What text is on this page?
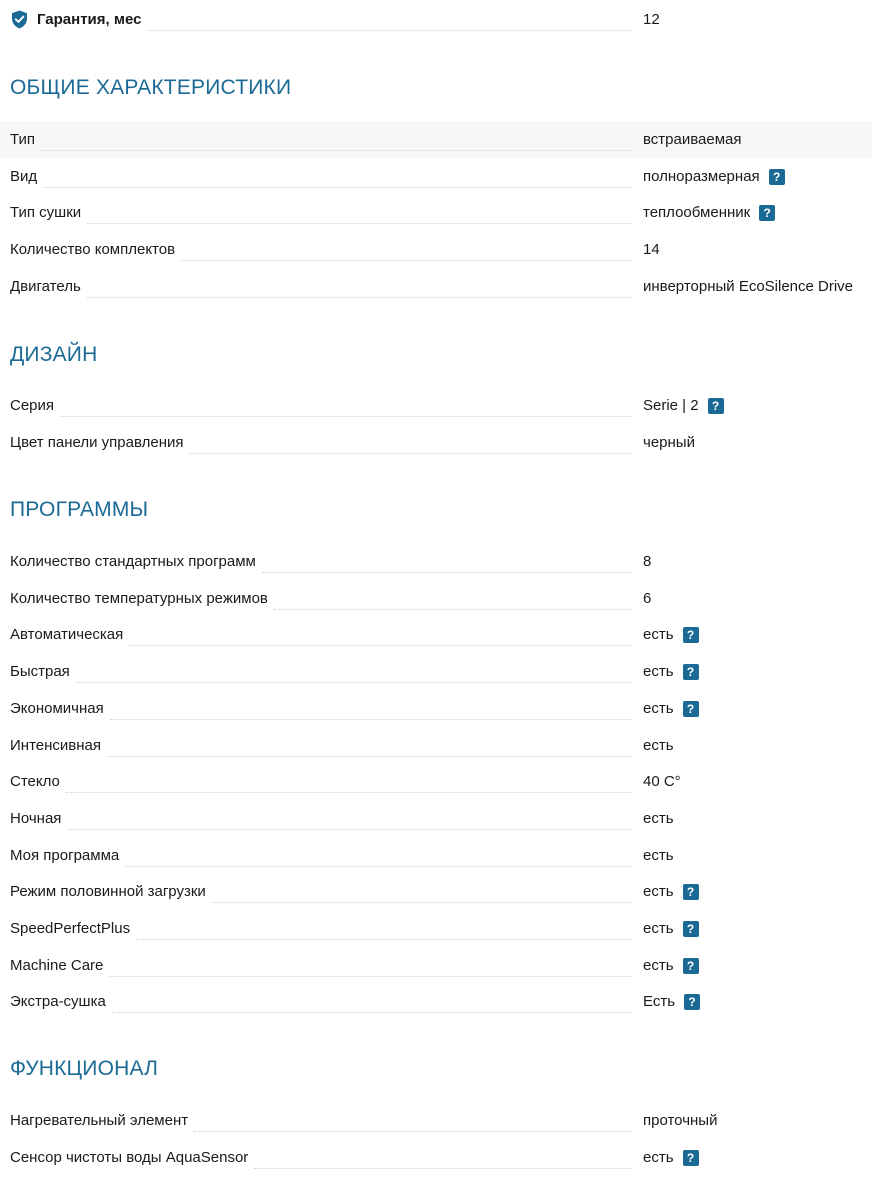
Гарантия, мес	12
ОБЩИЕ ХАРАКТЕРИСТИКИ
Тип	встраиваемая
Вид	полноразмерная	?
Тип сушки	теплообменник	?
Количество комплектов	14
Двигатель	инверторный EcoSilence Drive
ДИЗАЙН
Серия	Serie | 2	?
Цвет панели управления	черный
ПРОГРАММЫ
Количество стандартных программ	8
Количество температурных режимов	6
Автоматическая	есть	?
Быстрая	есть	?
Экономичная	есть	?
Интенсивная	есть
Стекло	40 C°
Ночная	есть
Моя программа	есть
Режим половинной загрузки	есть	?
SpeedPerfectPlus	есть	?
Machine Care	есть	?
Экстра-сушка	Есть	?
ФУНКЦИОНАЛ
Нагревательный элемент	проточный
Сенсор чистоты воды AquaSensor	есть	?
